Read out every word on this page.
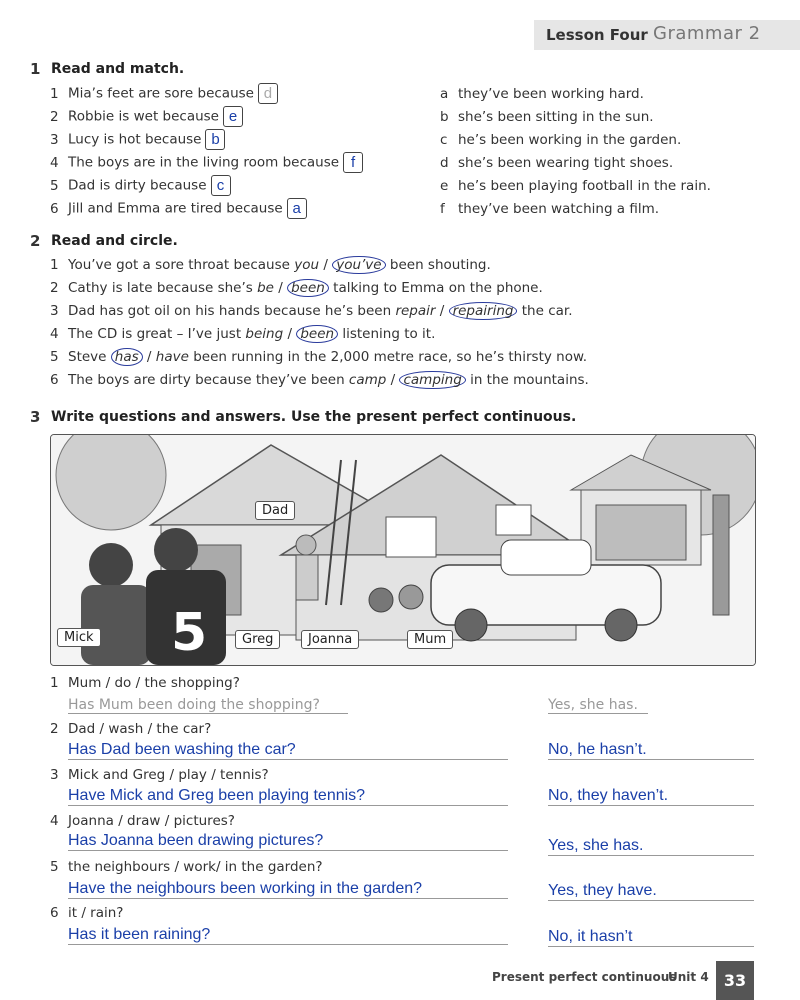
Lesson Four Grammar 2
1 Read and match.
1 Mia’s feet are sore because d
2 Robbie is wet because e
3 Lucy is hot because b
4 The boys are in the living room because f
5 Dad is dirty because c
6 Jill and Emma are tired because a
a they’ve been working hard.
b she’s been sitting in the sun.
c he’s been working in the garden.
d she’s been wearing tight shoes.
e he’s been playing football in the rain.
f they’ve been watching a film.
2 Read and circle.
1 You’ve got a sore throat because you / you’ve been shouting.
2 Cathy is late because she’s be / been talking to Emma on the phone.
3 Dad has got oil on his hands because he’s been repair / repairing the car.
4 The CD is great – I’ve just being / been listening to it.
5 Steve has / have been running in the 2,000 metre race, so he’s thirsty now.
6 The boys are dirty because they’ve been camp / camping in the mountains.
3 Write questions and answers. Use the present perfect continuous.
5
Dad
Mick	Greg	Joanna	Mum
1 Mum / do / the shopping?
Has Mum been doing the shopping?	Yes, she has.
2 Dad / wash / the car?
Has Dad been washing the car?	No, he hasn’t.
3 Mick and Greg / play / tennis?
Have Mick and Greg been playing tennis?	No, they haven’t.
4 Joanna / draw / pictures?
Has Joanna been drawing pictures?	Yes, she has.
5 the neighbours / work/ in the garden?
Have the neighbours been working in the garden?	Yes, they have.
6 it / rain?
Has it been raining?	No, it hasn’t
Present perfect continuous
Unit 4 33
